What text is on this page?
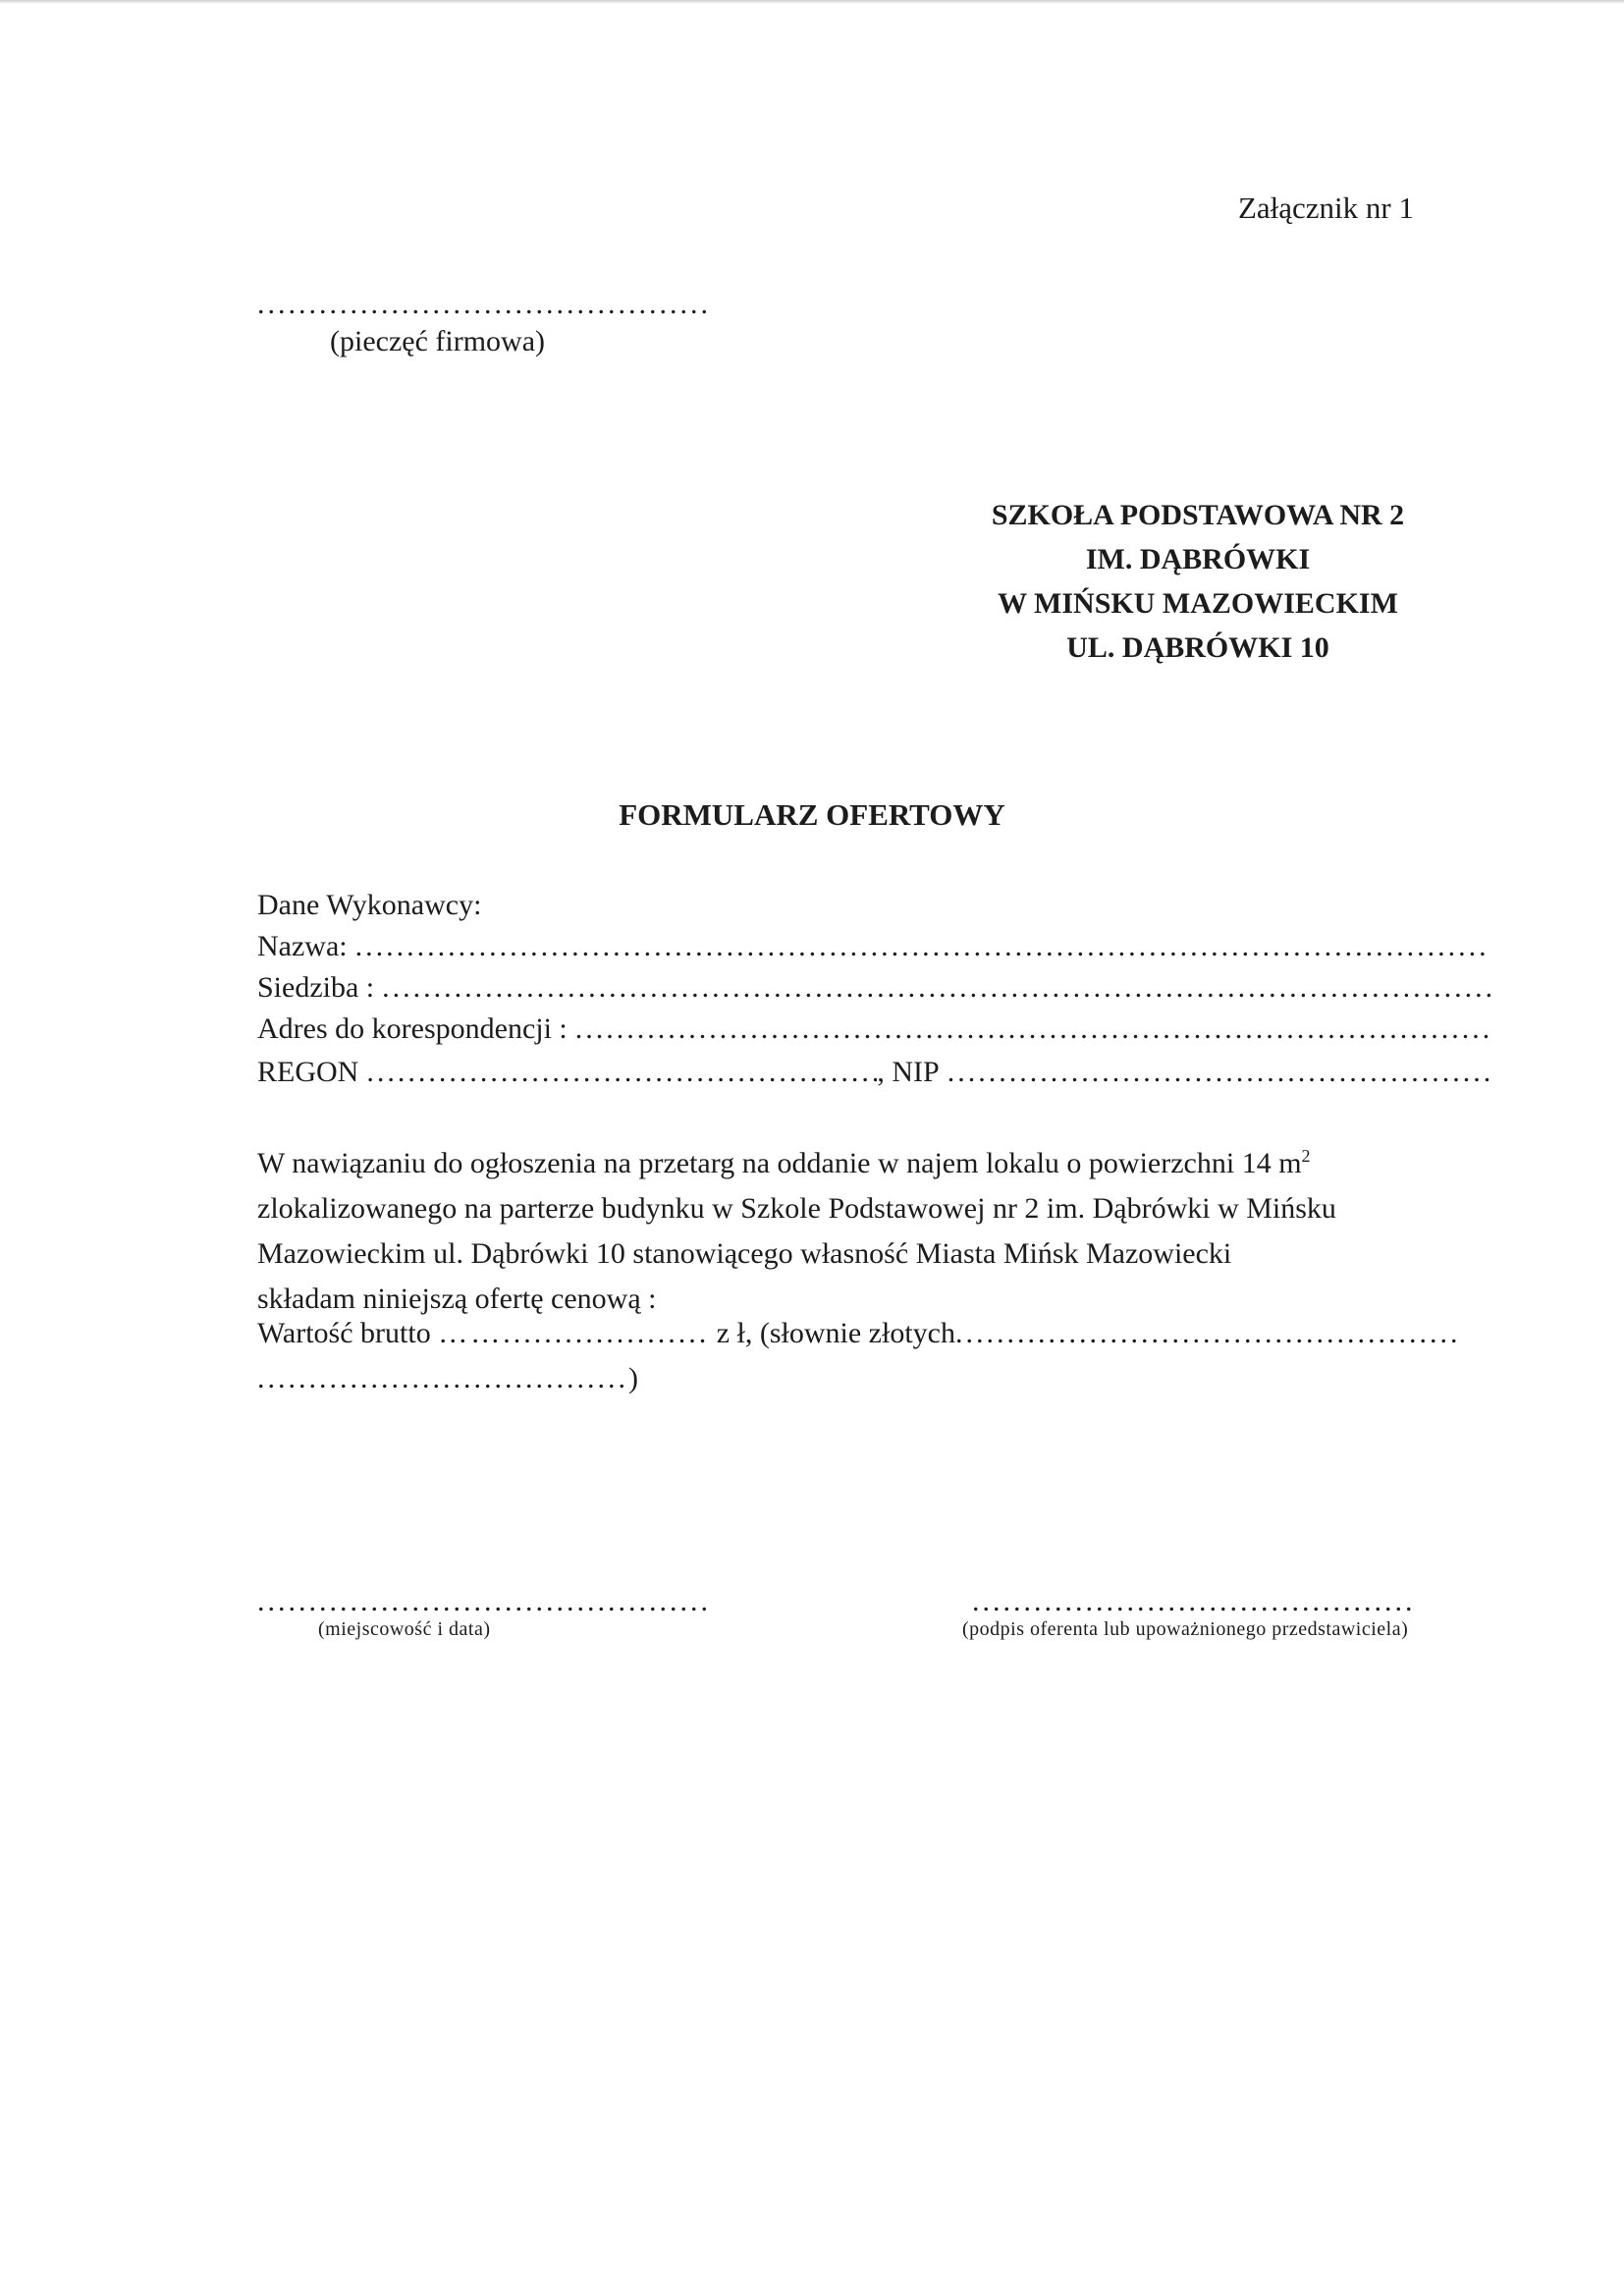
Załącznik nr 1
............................................
(pieczęć firmowa)
SZKOŁA PODSTAWOWA NR 2
IM. DĄBRÓWKI
W MIŃSKU MAZOWIECKIM
UL. DĄBRÓWKI 10
FORMULARZ OFERTOWY
Dane Wykonawcy:
Nazwa:
.....
Siedziba :
.....
Adres do korespondencji :
.....
REGON
.....	, NIP
.....
W nawiązaniu do ogłoszenia na przetarg na oddanie w najem lokalu o powierzchni 14 $m^2$
zlokalizowanego na parterze budynku w Szkole Podstawowej nr 2 im. Dąbrówki w Mińsku
Mazowieckim ul. Dąbrówki 10 stanowiącego własność Miasta Mińsk Mazowiecki
składam niniejszą ofertę cenową :
Wartość brutto …….................... z ł, (słownie złotych.................................................
....................................)
............................................
(miejscowość i data)
...........................................
(podpis oferenta lub upoważnionego przedstawiciela)
